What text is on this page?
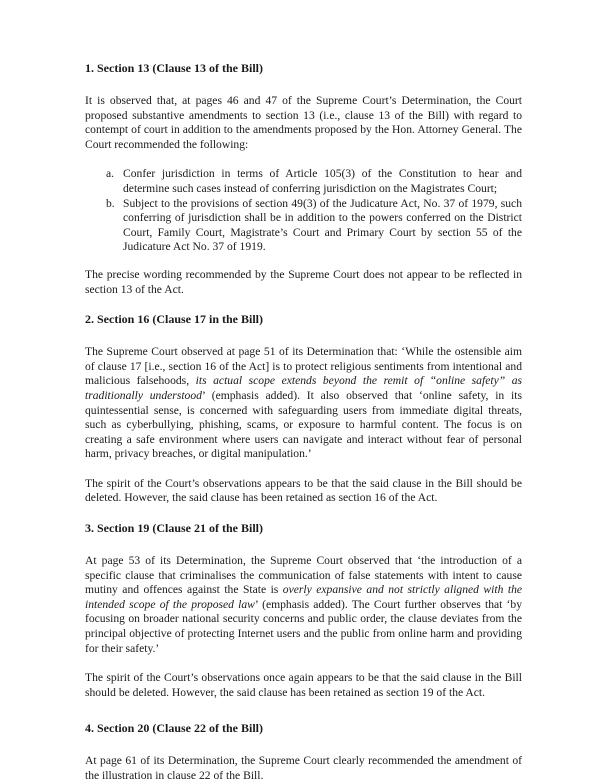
1. Section 13 (Clause 13 of the Bill)

It is observed that, at pages 46 and 47 of the Supreme Court’s Determination, the Court proposed substantive amendments to section 13 (i.e., clause 13 of the Bill) with regard to contempt of court in addition to the amendments proposed by the Hon. Attorney General. The Court recommended the following:

a. Confer jurisdiction in terms of Article 105(3) of the Constitution to hear and determine such cases instead of conferring jurisdiction on the Magistrates Court;
b. Subject to the provisions of section 49(3) of the Judicature Act, No. 37 of 1979, such conferring of jurisdiction shall be in addition to the powers conferred on the District Court, Family Court, Magistrate’s Court and Primary Court by section 55 of the Judicature Act No. 37 of 1919.

The precise wording recommended by the Supreme Court does not appear to be reflected in section 13 of the Act.

2. Section 16 (Clause 17 in the Bill)

The Supreme Court observed at page 51 of its Determination that: ‘While the ostensible aim of clause 17 [i.e., section 16 of the Act] is to protect religious sentiments from intentional and malicious falsehoods, its actual scope extends beyond the remit of “online safety” as traditionally understood’ (emphasis added). It also observed that ‘online safety, in its quintessential sense, is concerned with safeguarding users from immediate digital threats, such as cyberbullying, phishing, scams, or exposure to harmful content. The focus is on creating a safe environment where users can navigate and interact without fear of personal harm, privacy breaches, or digital manipulation.’

The spirit of the Court’s observations appears to be that the said clause in the Bill should be deleted. However, the said clause has been retained as section 16 of the Act.

3. Section 19 (Clause 21 of the Bill)

At page 53 of its Determination, the Supreme Court observed that ‘the introduction of a specific clause that criminalises the communication of false statements with intent to cause mutiny and offences against the State is overly expansive and not strictly aligned with the intended scope of the proposed law’ (emphasis added). The Court further observes that ‘by focusing on broader national security concerns and public order, the clause deviates from the principal objective of protecting Internet users and the public from online harm and providing for their safety.’

The spirit of the Court’s observations once again appears to be that the said clause in the Bill should be deleted. However, the said clause has been retained as section 19 of the Act.

4. Section 20 (Clause 22 of the Bill)

At page 61 of its Determination, the Supreme Court clearly recommended the amendment of the illustration in clause 22 of the Bill.
